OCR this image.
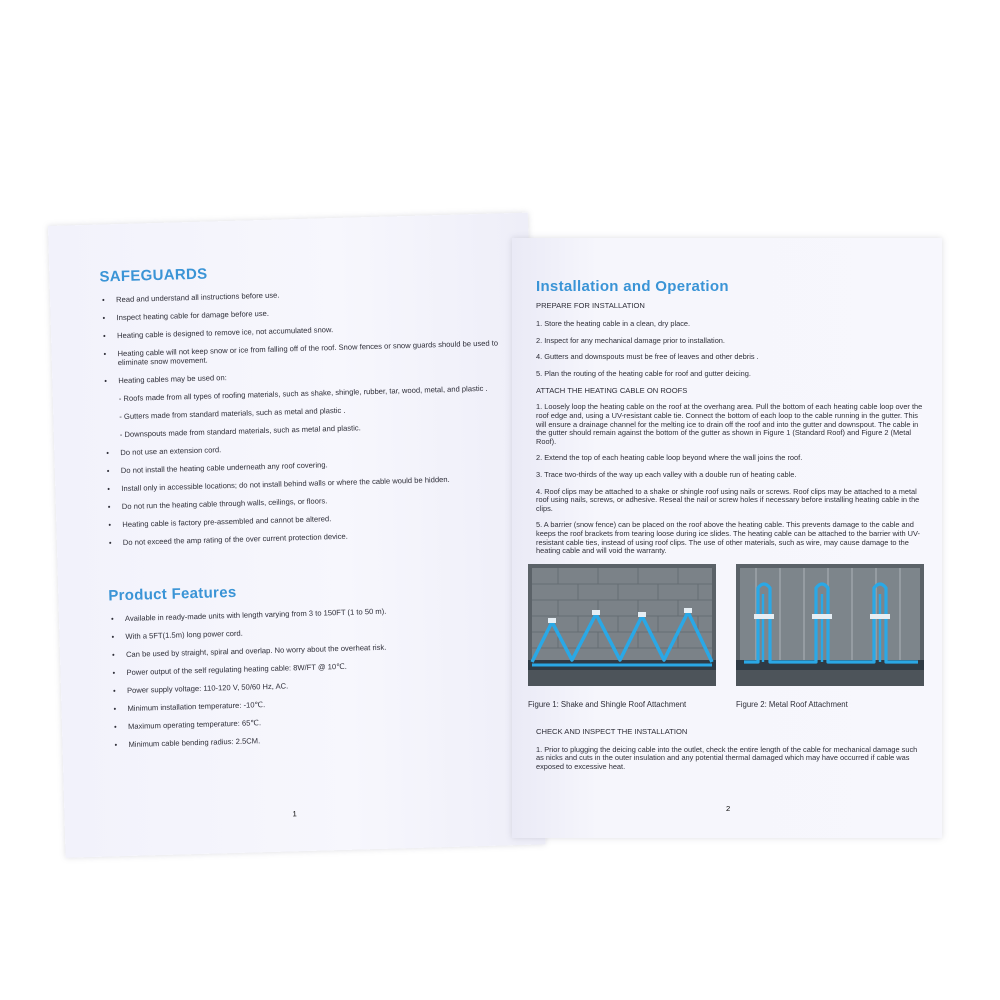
SAFEGUARDS
• Read and understand all instructions before use.
• Inspect heating cable for damage before use.
• Heating cable is designed to remove ice, not accumulated snow.
• Heating cable will not keep snow or ice from falling off of the roof. Snow fences or snow guards should be used to eliminate snow movement.
• Heating cables may be used on:
- Roofs made from all types of roofing materials, such as shake, shingle, rubber, tar, wood, metal, and plastic .
- Gutters made from standard materials, such as metal and plastic .
- Downspouts made from standard materials, such as metal and plastic.
• Do not use an extension cord.
• Do not install the heating cable underneath any roof covering.
• Install only in accessible locations; do not install behind walls or where the cable would be hidden.
• Do not run the heating cable through walls, ceilings, or floors.
• Heating cable is factory pre-assembled and cannot be altered.
• Do not exceed the amp rating of the over current protection device.
Product Features
• Available in ready-made units with length varying from 3 to 150FT (1 to 50 m).
• With a 5FT(1.5m) long power cord.
• Can be used by straight, spiral and overlap. No worry about the overheat risk.
• Power output of the self regulating heating cable: 8W/FT @ 10℃.
• Power supply voltage: 110-120 V, 50/60 Hz, AC.
• Minimum installation temperature: -10℃.
• Maximum operating temperature: 65℃.
• Minimum cable bending radius: 2.5CM.
1
Installation and Operation
PREPARE FOR INSTALLATION

1. Store the heating cable in a clean, dry place.

2. Inspect for any mechanical damage prior to installation.

4. Gutters and downspouts must be free of leaves and other debris .

5. Plan the routing of the heating cable for roof and gutter deicing.

ATTACH THE HEATING CABLE ON ROOFS

1. Loosely loop the heating cable on the roof at the overhang area. Pull the bottom of each heating cable loop over the roof edge and, using a UV-resistant cable tie. Connect the bottom of each loop to the cable running in the gutter. This will ensure a drainage channel for the melting ice to drain off the roof and into the gutter and downspout. The cable in the gutter should remain against the bottom of the gutter as shown in Figure 1 (Standard Roof) and Figure 2 (Metal Roof).

2. Extend the top of each heating cable loop beyond where the wall joins the roof.

3. Trace two-thirds of the way up each valley with a double run of heating cable.

4. Roof clips may be attached to a shake or shingle roof using nails or screws. Roof clips may be attached to a metal roof using nails, screws, or adhesive. Reseal the nail or screw holes if necessary before installing heating cable in the clips.

5. A barrier (snow fence) can be placed on the roof above the heating cable. This prevents damage to the cable and keeps the roof brackets from tearing loose during ice slides. The heating cable can be attached to the barrier with UV-resistant cable ties, instead of using roof clips. The use of other materials, such as wire, may cause damage to the heating cable and will void the warranty.

Figure 1: Shake and Shingle Roof Attachment	Figure 2: Metal Roof Attachment
CHECK AND INSPECT THE INSTALLATION

1. Prior to plugging the deicing cable into the outlet, check the entire length of the cable for mechanical damage such as nicks and cuts in the outer insulation and any potential thermal damaged which may have occurred if cable was exposed to excessive heat.

2
